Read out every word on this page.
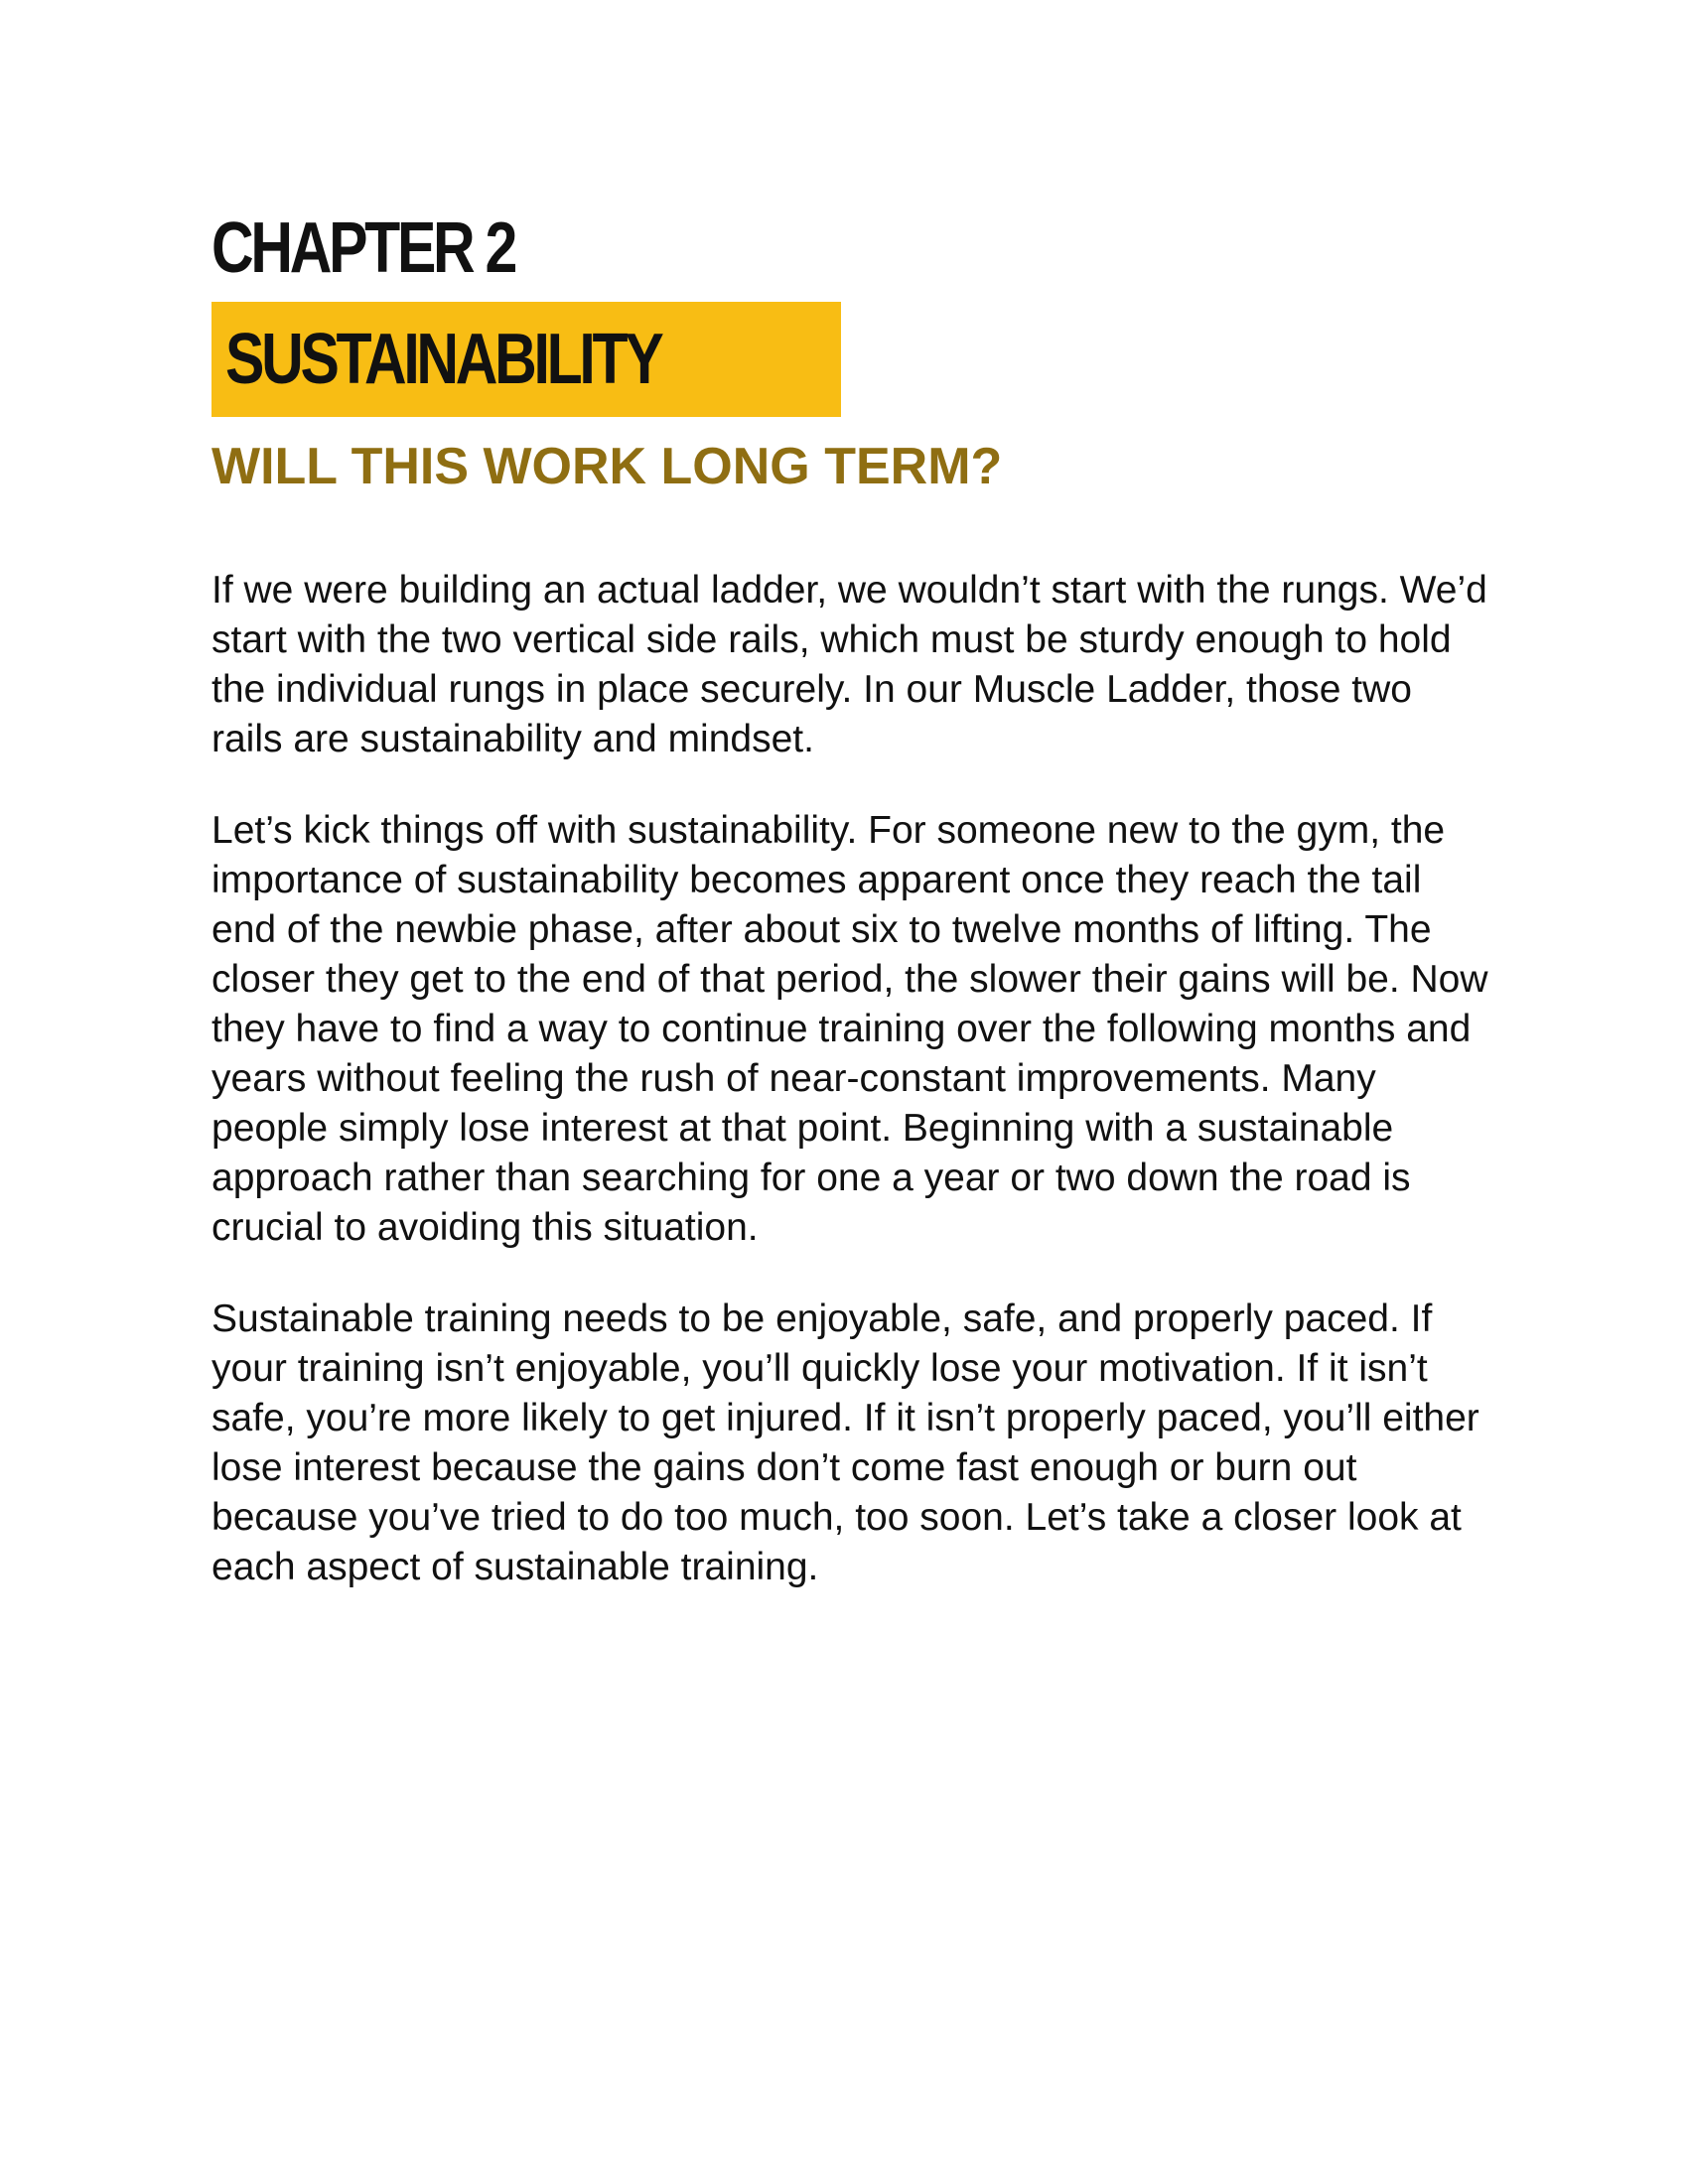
CHAPTER 2
SUSTAINABILITY
WILL THIS WORK LONG TERM?

If we were building an actual ladder, we wouldn’t start with the rungs. We’d start with the two vertical side rails, which must be sturdy enough to hold the individual rungs in place securely. In our Muscle Ladder, those two rails are sustainability and mindset.

Let’s kick things off with sustainability. For someone new to the gym, the importance of sustainability becomes apparent once they reach the tail end of the newbie phase, after about six to twelve months of lifting. The closer they get to the end of that period, the slower their gains will be. Now they have to find a way to continue training over the following months and years without feeling the rush of near-constant improvements. Many people simply lose interest at that point. Beginning with a sustainable approach rather than searching for one a year or two down the road is crucial to avoiding this situation.

Sustainable training needs to be enjoyable, safe, and properly paced. If your training isn’t enjoyable, you’ll quickly lose your motivation. If it isn’t safe, you’re more likely to get injured. If it isn’t properly paced, you’ll either lose interest because the gains don’t come fast enough or burn out because you’ve tried to do too much, too soon. Let’s take a closer look at each aspect of sustainable training.
